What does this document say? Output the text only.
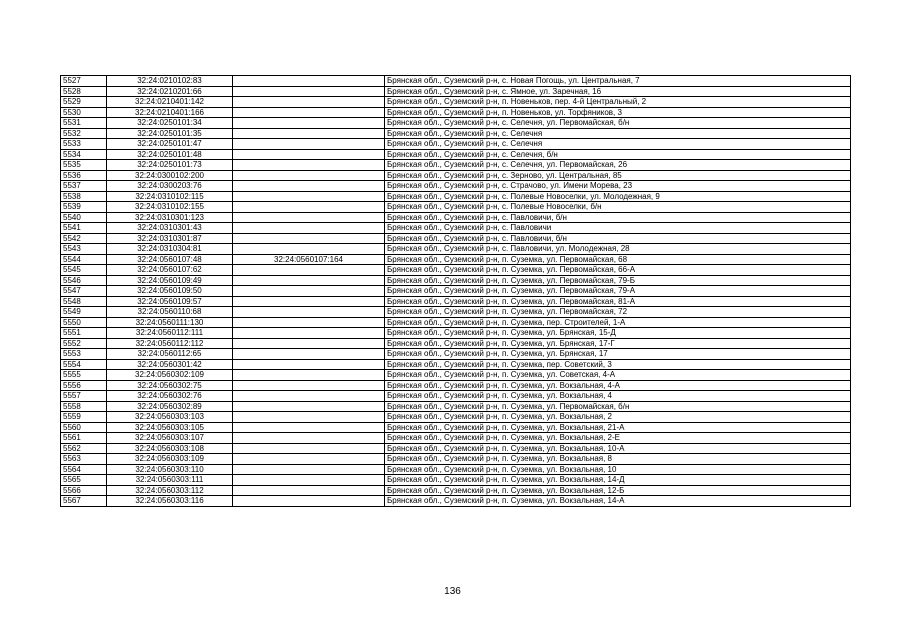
5527	32:24:0210102:83		Брянская обл., Суземский р-н, с. Новая Погощь, ул. Центральная, 7
5528	32:24:0210201:66		Брянская обл., Суземский р-н, с. Ямное, ул. Заречная, 16
5529	32:24:0210401:142		Брянская обл., Суземский р-н, п. Новеньков, пер. 4-й Центральный, 2
5530	32:24:0210401:166		Брянская обл., Суземский р-н, п. Новеньков, ул. Торфяников, 3
5531	32:24:0250101:34		Брянская обл., Суземский р-н, с. Селечня, ул. Первомайская, б/н
5532	32:24:0250101:35		Брянская обл., Суземский р-н, с. Селечня
5533	32:24:0250101:47		Брянская обл., Суземский р-н, с. Селечня
5534	32:24:0250101:48		Брянская обл., Суземский р-н, с. Селечня, б/н
5535	32:24:0250101:73		Брянская обл., Суземский р-н, с. Селечня, ул. Первомайская, 26
5536	32:24:0300102:200		Брянская обл., Суземский р-н, с. Зерново, ул. Центральная, 85
5537	32:24:0300203:76		Брянская обл., Суземский р-н, с. Страчово, ул. Имени Морева, 23
5538	32:24:0310102:115		Брянская обл., Суземский р-н, с. Полевые Новоселки, ул. Молодежная, 9
5539	32:24:0310102:155		Брянская обл., Суземский р-н, с. Полевые Новоселки, б/н
5540	32:24:0310301:123		Брянская обл., Суземский р-н, с. Павловичи, б/н
5541	32:24:0310301:43		Брянская обл., Суземский р-н, с. Павловичи
5542	32:24:0310301:87		Брянская обл., Суземский р-н, с. Павловичи, б/н
5543	32:24:0310304:81		Брянская обл., Суземский р-н, с. Павловичи, ул. Молодежная, 28
5544	32:24:0560107:48	32:24:0560107:164	Брянская обл., Суземский р-н, п. Суземка, ул. Первомайская, 68
5545	32:24:0560107:62		Брянская обл., Суземский р-н, п. Суземка, ул. Первомайская, 66-А
5546	32:24:0560109:49		Брянская обл., Суземский р-н, п. Суземка, ул. Первомайская, 79-Б
5547	32:24:0560109:50		Брянская обл., Суземский р-н, п. Суземка, ул. Первомайская, 79-А
5548	32:24:0560109:57		Брянская обл., Суземский р-н, п. Суземка, ул. Первомайская, 81-А
5549	32:24:0560110:68		Брянская обл., Суземский р-н, п. Суземка, ул. Первомайская, 72
5550	32:24:0560111:130		Брянская обл., Суземский р-н, п. Суземка, пер. Строителей, 1-А
5551	32:24:0560112:111		Брянская обл., Суземский р-н, п. Суземка, ул. Брянская, 15-Д
5552	32:24:0560112:112		Брянская обл., Суземский р-н, п. Суземка, ул. Брянская, 17-Г
5553	32:24:0560112:65		Брянская обл., Суземский р-н, п. Суземка, ул. Брянская, 17
5554	32:24:0560301:42		Брянская обл., Суземский р-н, п. Суземка, пер. Советский, 3
5555	32:24:0560302:109		Брянская обл., Суземский р-н, п. Суземка, ул. Советская, 4-А
5556	32:24:0560302:75		Брянская обл., Суземский р-н, п. Суземка, ул. Вокзальная, 4-А
5557	32:24:0560302:76		Брянская обл., Суземский р-н, п. Суземка, ул. Вокзальная, 4
5558	32:24:0560302:89		Брянская обл., Суземский р-н, п. Суземка, ул. Первомайская, б/н
5559	32:24:0560303:103		Брянская обл., Суземский р-н, п. Суземка, ул. Вокзальная, 2
5560	32:24:0560303:105		Брянская обл., Суземский р-н, п. Суземка, ул. Вокзальная, 21-А
5561	32:24:0560303:107		Брянская обл., Суземский р-н, п. Суземка, ул. Вокзальная, 2-Е
5562	32:24:0560303:108		Брянская обл., Суземский р-н, п. Суземка, ул. Вокзальная, 10-А
5563	32:24:0560303:109		Брянская обл., Суземский р-н, п. Суземка, ул. Вокзальная, 8
5564	32:24:0560303:110		Брянская обл., Суземский р-н, п. Суземка, ул. Вокзальная, 10
5565	32:24:0560303:111		Брянская обл., Суземский р-н, п. Суземка, ул. Вокзальная, 14-Д
5566	32:24:0560303:112		Брянская обл., Суземский р-н, п. Суземка, ул. Вокзальная, 12-Б
5567	32:24:0560303:116		Брянская обл., Суземский р-н, п. Суземка, ул. Вокзальная, 14-А
136
